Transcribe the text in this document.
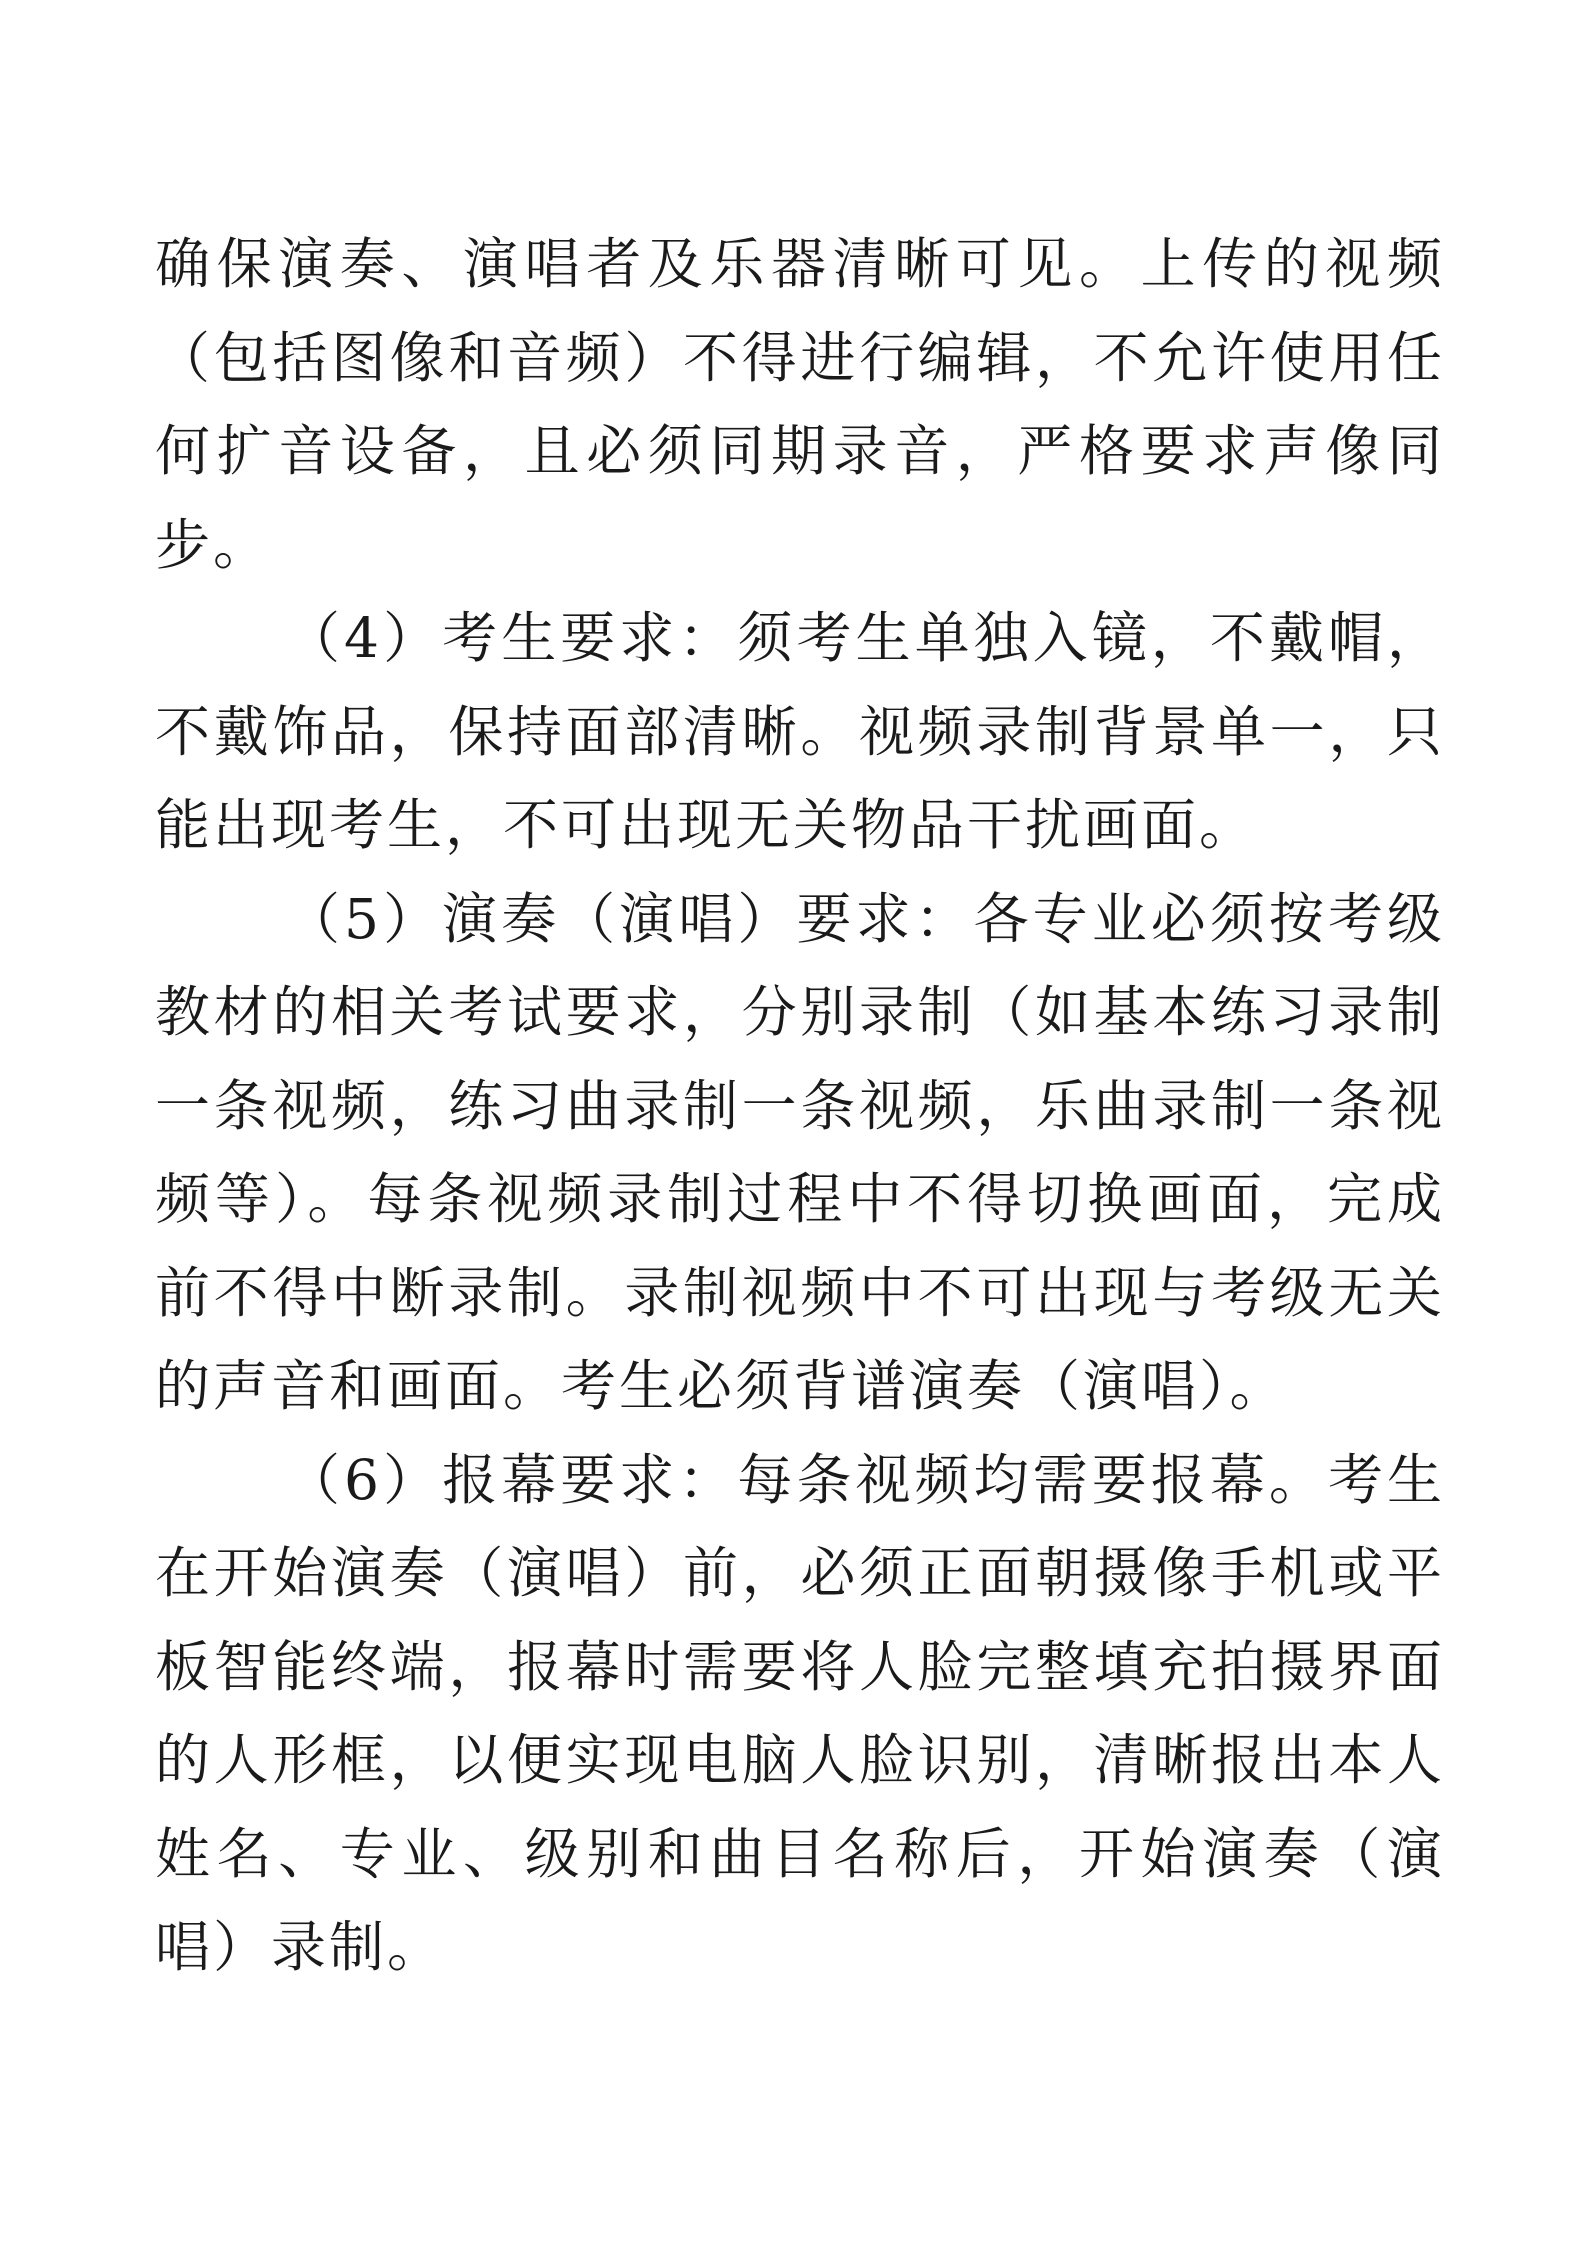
确保演奏、演唱者及乐器清晰可见。上传的视频（包括图像和音频）不得进行编辑，不允许使用任何扩音设备，且必须同期录音，严格要求声像同步。

（4）考生要求：须考生单独入镜，不戴帽，不戴饰品，保持面部清晰。视频录制背景单一，只能出现考生，不可出现无关物品干扰画面。

（5）演奏（演唱）要求：各专业必须按考级教材的相关考试要求，分别录制（如基本练习录制一条视频，练习曲录制一条视频，乐曲录制一条视频等）。每条视频录制过程中不得切换画面，完成前不得中断录制。录制视频中不可出现与考级无关的声音和画面。考生必须背谱演奏（演唱）。

（6）报幕要求：每条视频均需要报幕。考生在开始演奏（演唱）前，必须正面朝摄像手机或平板智能终端，报幕时需要将人脸完整填充拍摄界面的人形框，以便实现电脑人脸识别，清晰报出本人姓名、专业、级别和曲目名称后，开始演奏（演唱）录制。
